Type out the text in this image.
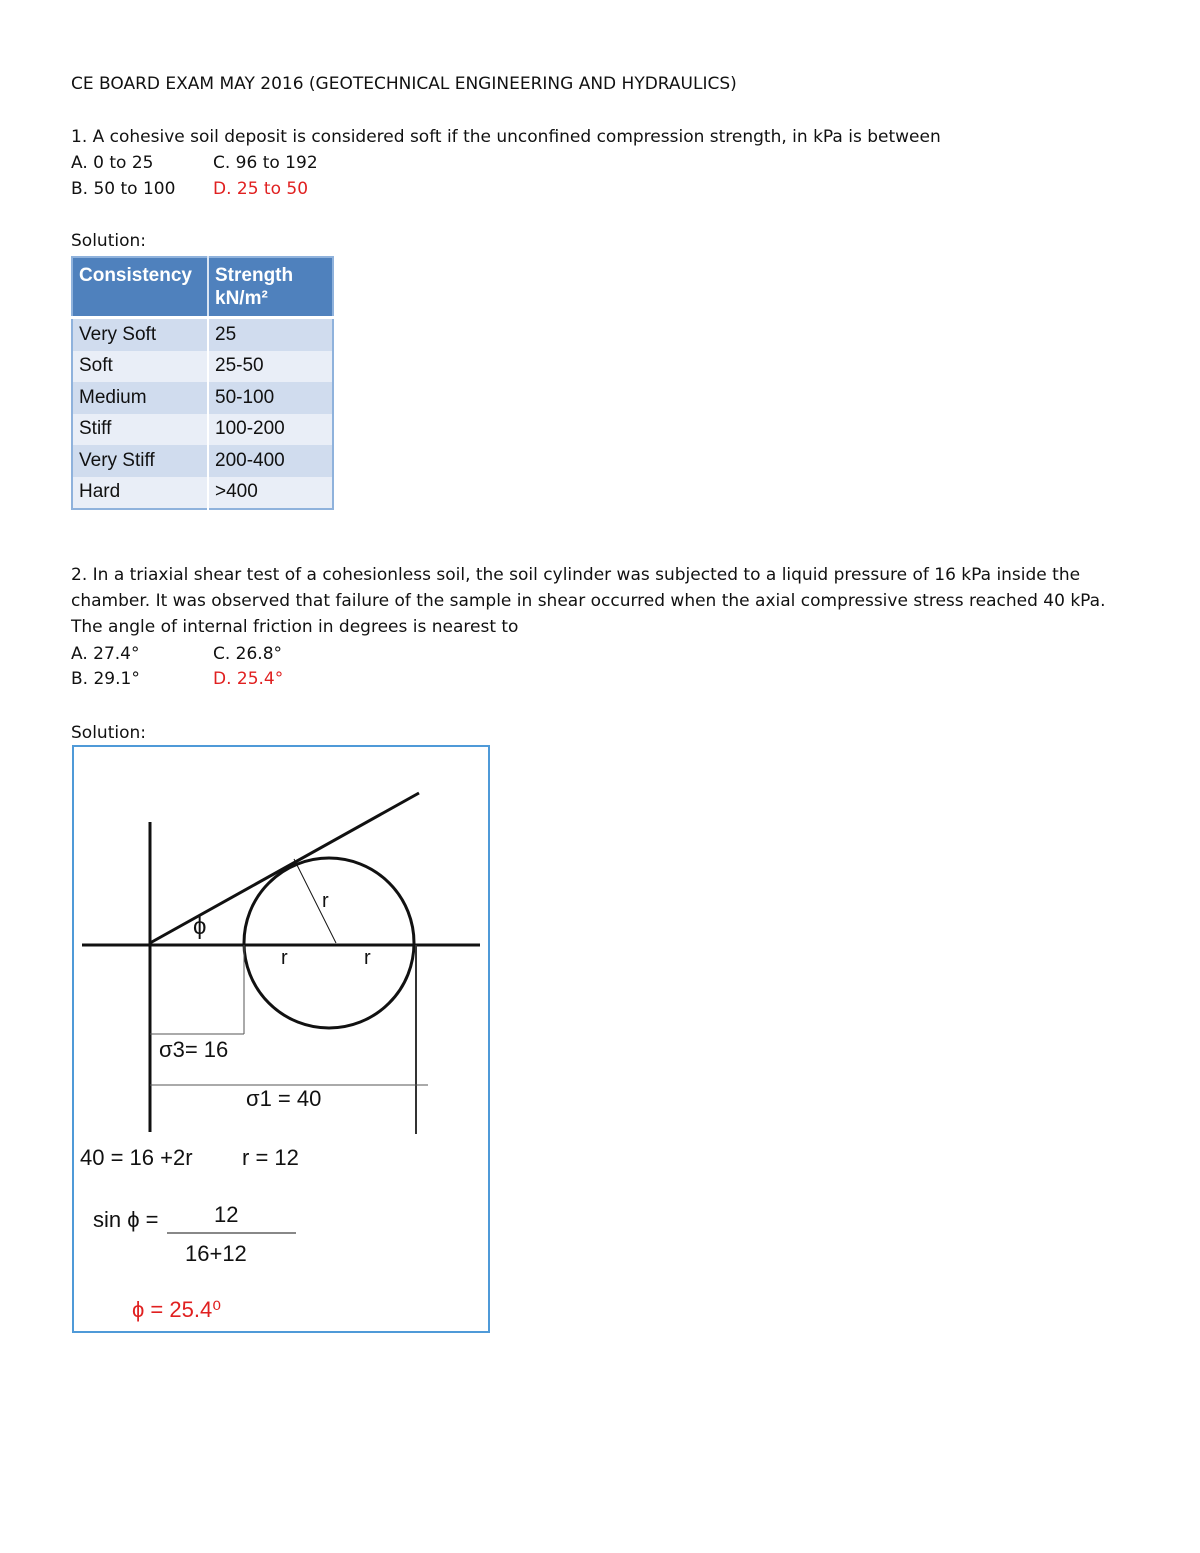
CE BOARD EXAM MAY 2016 (GEOTECHNICAL ENGINEERING AND HYDRAULICS)
1. A cohesive soil deposit is considered soft if the unconfined compression strength, in kPa is between
A. 0 to 25	C. 96 to 192
B. 50 to 100 D. 25 to 50
Solution:
Consistency	Strength
kN/m²
Very Soft	25
Soft	25-50
Medium	50-100
Stiff	100-200
Very Stiff	200-400
Hard	>400
2. In a triaxial shear test of a cohesionless soil, the soil cylinder was subjected to a liquid pressure of 16 kPa inside the
chamber. It was observed that failure of the sample in shear occurred when the axial compressive stress reached 40 kPa.
The angle of internal friction in degrees is nearest to
A. 27.4°	C. 26.8°
B. 29.1°	D. 25.4°
Solution:
ϕ
r
r	r
σ3= 16
σ1 = 40
40 = 16 +2r r = 12
sin ϕ =	12
16+12
ϕ = 25.4⁰
